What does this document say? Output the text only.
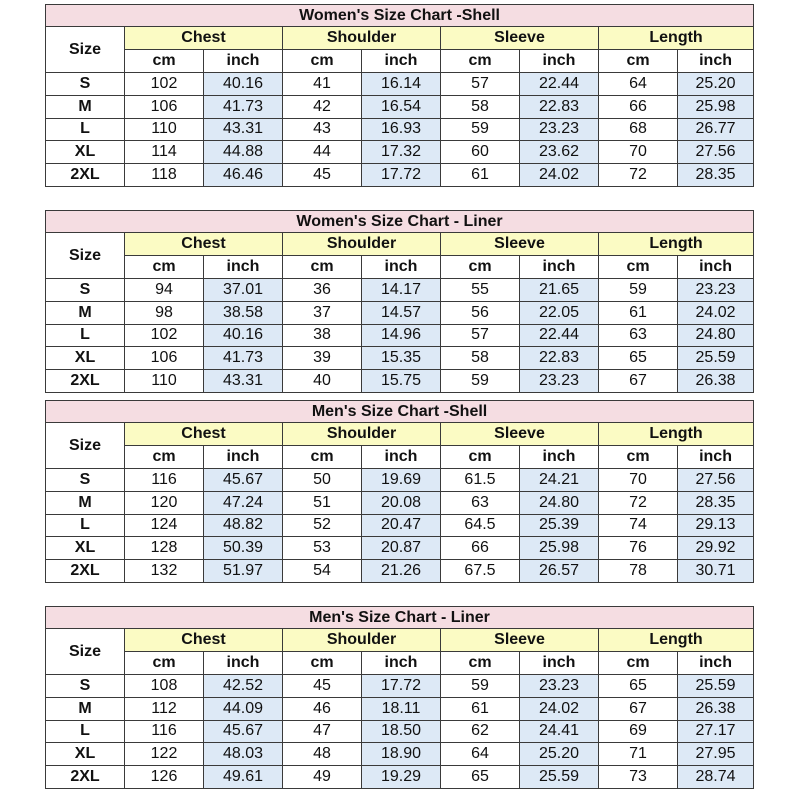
Women's Size Chart -Shell								
Size	Chest		Shoulder		Sleeve		Length	
	cm	inch	cm	inch	cm	inch	cm	inch
S	102	40.16	41	16.14	57	22.44	64	25.20
M	106	41.73	42	16.54	58	22.83	66	25.98
L	110	43.31	43	16.93	59	23.23	68	26.77
XL	114	44.88	44	17.32	60	23.62	70	27.56
2XL	118	46.46	45	17.72	61	24.02	72	28.35
Women's Size Chart - Liner								
Size	Chest		Shoulder		Sleeve		Length	
	cm	inch	cm	inch	cm	inch	cm	inch
S	94	37.01	36	14.17	55	21.65	59	23.23
M	98	38.58	37	14.57	56	22.05	61	24.02
L	102	40.16	38	14.96	57	22.44	63	24.80
XL	106	41.73	39	15.35	58	22.83	65	25.59
2XL	110	43.31	40	15.75	59	23.23	67	26.38
Men's Size Chart -Shell								
Size	Chest		Shoulder		Sleeve		Length	
	cm	inch	cm	inch	cm	inch	cm	inch
S	116	45.67	50	19.69	61.5	24.21	70	27.56
M	120	47.24	51	20.08	63	24.80	72	28.35
L	124	48.82	52	20.47	64.5	25.39	74	29.13
XL	128	50.39	53	20.87	66	25.98	76	29.92
2XL	132	51.97	54	21.26	67.5	26.57	78	30.71
Men's Size Chart - Liner								
Size	Chest		Shoulder		Sleeve		Length	
	cm	inch	cm	inch	cm	inch	cm	inch
S	108	42.52	45	17.72	59	23.23	65	25.59
M	112	44.09	46	18.11	61	24.02	67	26.38
L	116	45.67	47	18.50	62	24.41	69	27.17
XL	122	48.03	48	18.90	64	25.20	71	27.95
2XL	126	49.61	49	19.29	65	25.59	73	28.74
